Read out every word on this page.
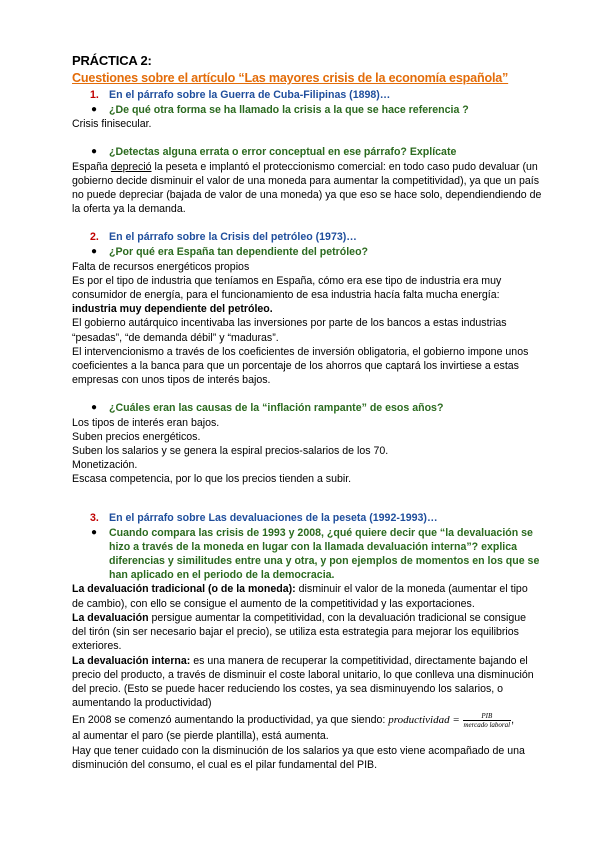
PRÁCTICA 2:

Cuestiones sobre el artículo “Las mayores crisis de la economía española”

1. En el párrafo sobre la Guerra de Cuba-Filipinas (1898)…
● ¿De qué otra forma se ha llamado la crisis a la que se hace referencia ?

Crisis finisecular.

● ¿Detectas alguna errata o error conceptual en ese párrafo? Explícate

España depreció la peseta e implantó el proteccionismo comercial: en todo caso pudo devaluar (un gobierno decide disminuir el valor de una moneda para aumentar la competitividad), ya que un país no puede depreciar (bajada de valor de una moneda) ya que eso se hace solo, dependiendiendo de la oferta ya la demanda.

2. En el párrafo sobre la Crisis del petróleo (1973)…
● ¿Por qué era España tan dependiente del petróleo?

Falta de recursos energéticos propios

Es por el tipo de industria que teníamos en España, cómo era ese tipo de industria era muy consumidor de energía, para el funcionamiento de esa industria hacía falta mucha energía:

industria muy dependiente del petróleo.

El gobierno autárquico incentivaba las inversiones por parte de los bancos a estas industrias “pesadas”, “de demanda débil” y “maduras”.

El intervencionismo a través de los coeficientes de inversión obligatoria, el gobierno impone unos coeficientes a la banca para que un porcentaje de los ahorros que captará los invirtiese a estas empresas con unos tipos de interés bajos.

● ¿Cuáles eran las causas de la “inflación rampante” de esos años?

Los tipos de interés eran bajos.

Suben precios energéticos.

Suben los salarios y se genera la espiral precios-salarios de los 70.

Monetización.

Escasa competencia, por lo que los precios tienden a subir.

3. En el párrafo sobre Las devaluaciones de la peseta (1992-1993)…
● Cuando compara las crisis de 1993 y 2008, ¿qué quiere decir que “la devaluación se hizo a través de la moneda en lugar con la llamada devaluación interna”? explica diferencias y similitudes entre una y otra, y pon ejemplos de momentos en los que se han aplicado en el periodo de la democracia.

La devaluación tradicional (o de la moneda): disminuir el valor de la moneda (aumentar el tipo de cambio), con ello se consigue el aumento de la competitividad y las exportaciones.

La devaluación persigue aumentar la competitividad, con la devaluación tradicional se consigue del tirón (sin ser necesario bajar el precio), se utiliza esta estrategia para mejorar los equilibrios exteriores.

La devaluación interna: es una manera de recuperar la competitividad, directamente bajando el precio del producto, a través de disminuir el coste laboral unitario, lo que conlleva una disminución del precio. (Esto se puede hacer reduciendo los costes, ya sea disminuyendo los salarios, o aumentando la productividad)

En 2008 se comenzó aumentando la productividad, ya que siendo: productividad = $\frac{\text{PIB}}{\text{mercado laboral}}$ ,

al aumentar el paro (se pierde plantilla), está aumenta.

Hay que tener cuidado con la disminución de los salarios ya que esto viene acompañado de una disminución del consumo, el cual es el pilar fundamental del PIB.
